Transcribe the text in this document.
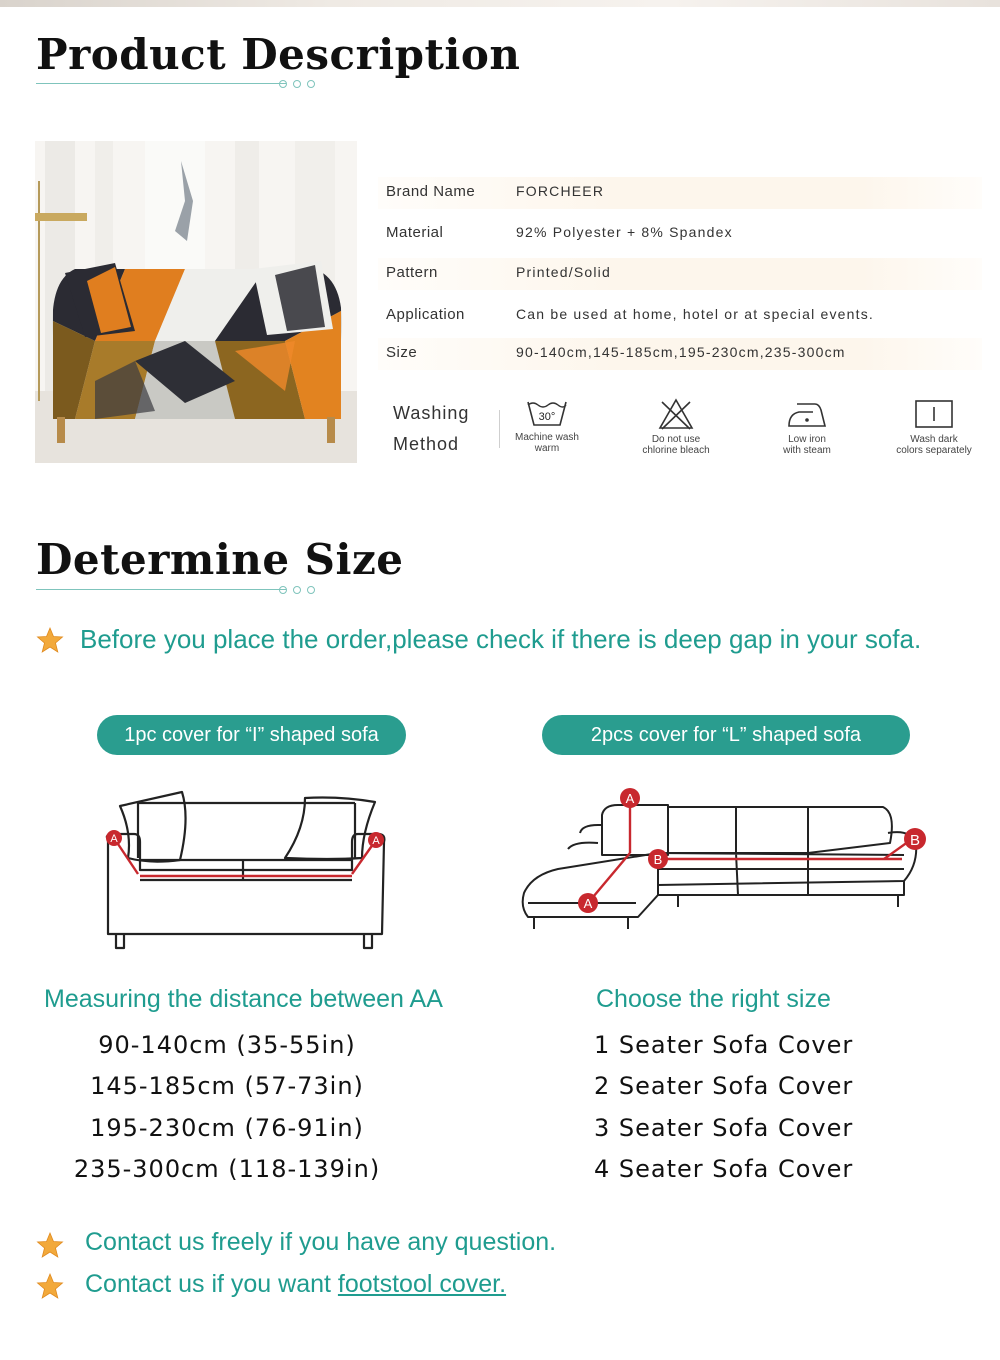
Product Description
Brand Name	FORCHEER
Material	92% Polyester + 8% Spandex
Pattern	Printed/Solid
Application	Can be used at home, hotel or at special events.
Size	90-140cm,145-185cm,195-230cm,235-300cm
Washing
Method
30°
Machine wash
warm
Do not use
chlorine bleach
Low iron
with steam
Wash dark
colors separately
Determine Size
Before you place the order,please check if there is deep gap in your sofa.
1pc cover for “I” shaped sofa	2pcs cover for “L” shaped sofa
A	A
A
A
B
B
Measuring the distance between AA	Choose the right size
90-140cm (35-55in)
145-185cm (57-73in)
195-230cm (76-91in)
235-300cm (118-139in)
1 Seater Sofa Cover
2 Seater Sofa Cover
3 Seater Sofa Cover
4 Seater Sofa Cover
Contact us freely if you have any question.
Contact us if you want footstool cover.
